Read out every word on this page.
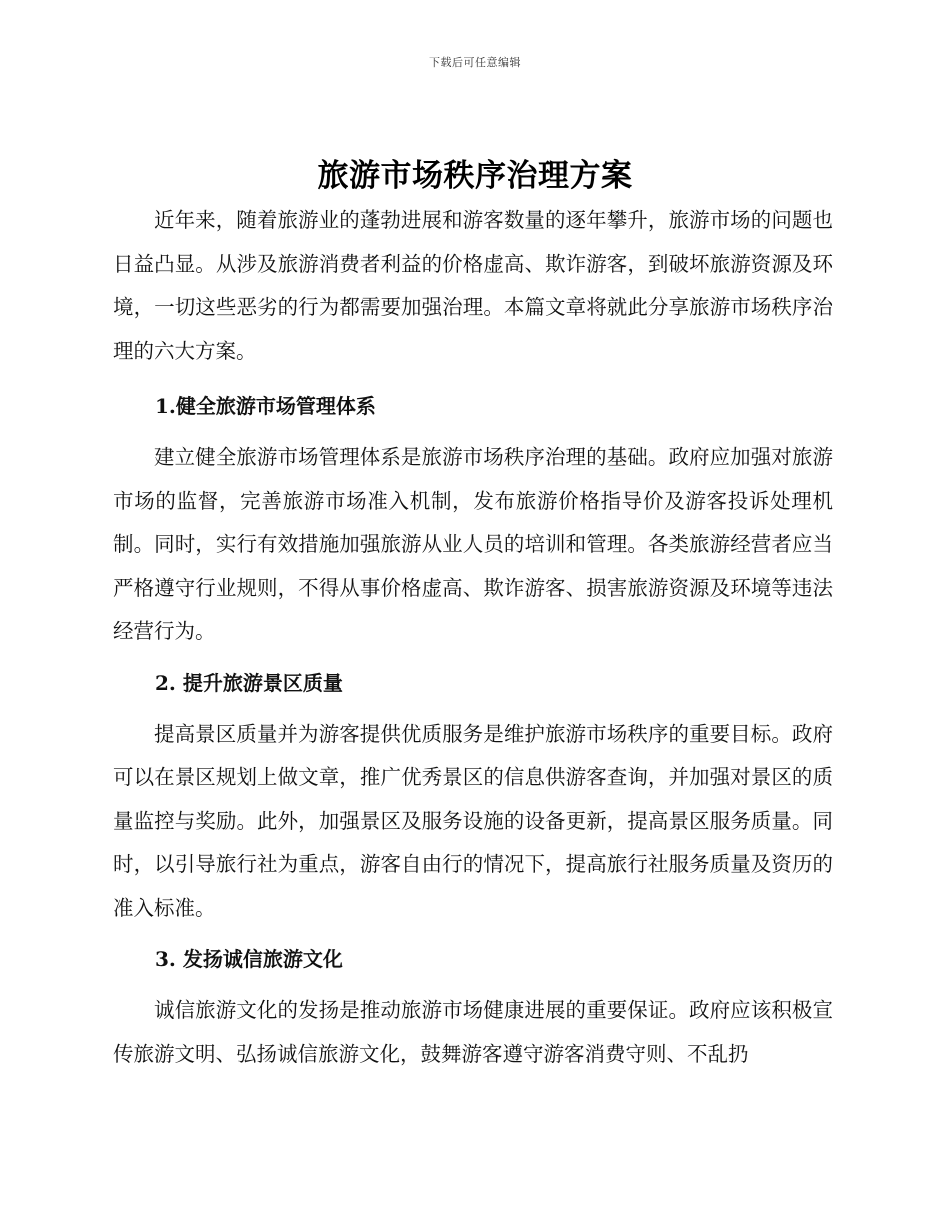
下载后可任意编辑
旅游市场秩序治理方案

近年来，随着旅游业的蓬勃进展和游客数量的逐年攀升，旅游市场的问题也日益凸显。从涉及旅游消费者利益的价格虚高、欺诈游客，到破坏旅游资源及环境，一切这些恶劣的行为都需要加强治理。本篇文章将就此分享旅游市场秩序治理的六大方案。

1.健全旅游市场管理体系

建立健全旅游市场管理体系是旅游市场秩序治理的基础。政府应加强对旅游市场的监督，完善旅游市场准入机制，发布旅游价格指导价及游客投诉处理机制。同时，实行有效措施加强旅游从业人员的培训和管理。各类旅游经营者应当严格遵守行业规则，不得从事价格虚高、欺诈游客、损害旅游资源及环境等违法经营行为。

2. 提升旅游景区质量

提高景区质量并为游客提供优质服务是维护旅游市场秩序的重要目标。政府可以在景区规划上做文章，推广优秀景区的信息供游客查询，并加强对景区的质量监控与奖励。此外，加强景区及服务设施的设备更新，提高景区服务质量。同时，以引导旅行社为重点，游客自由行的情况下，提高旅行社服务质量及资历的准入标准。

3. 发扬诚信旅游文化

诚信旅游文化的发扬是推动旅游市场健康进展的重要保证。政府应该积极宣传旅游文明、弘扬诚信旅游文化，鼓舞游客遵守游客消费守则、不乱扔
